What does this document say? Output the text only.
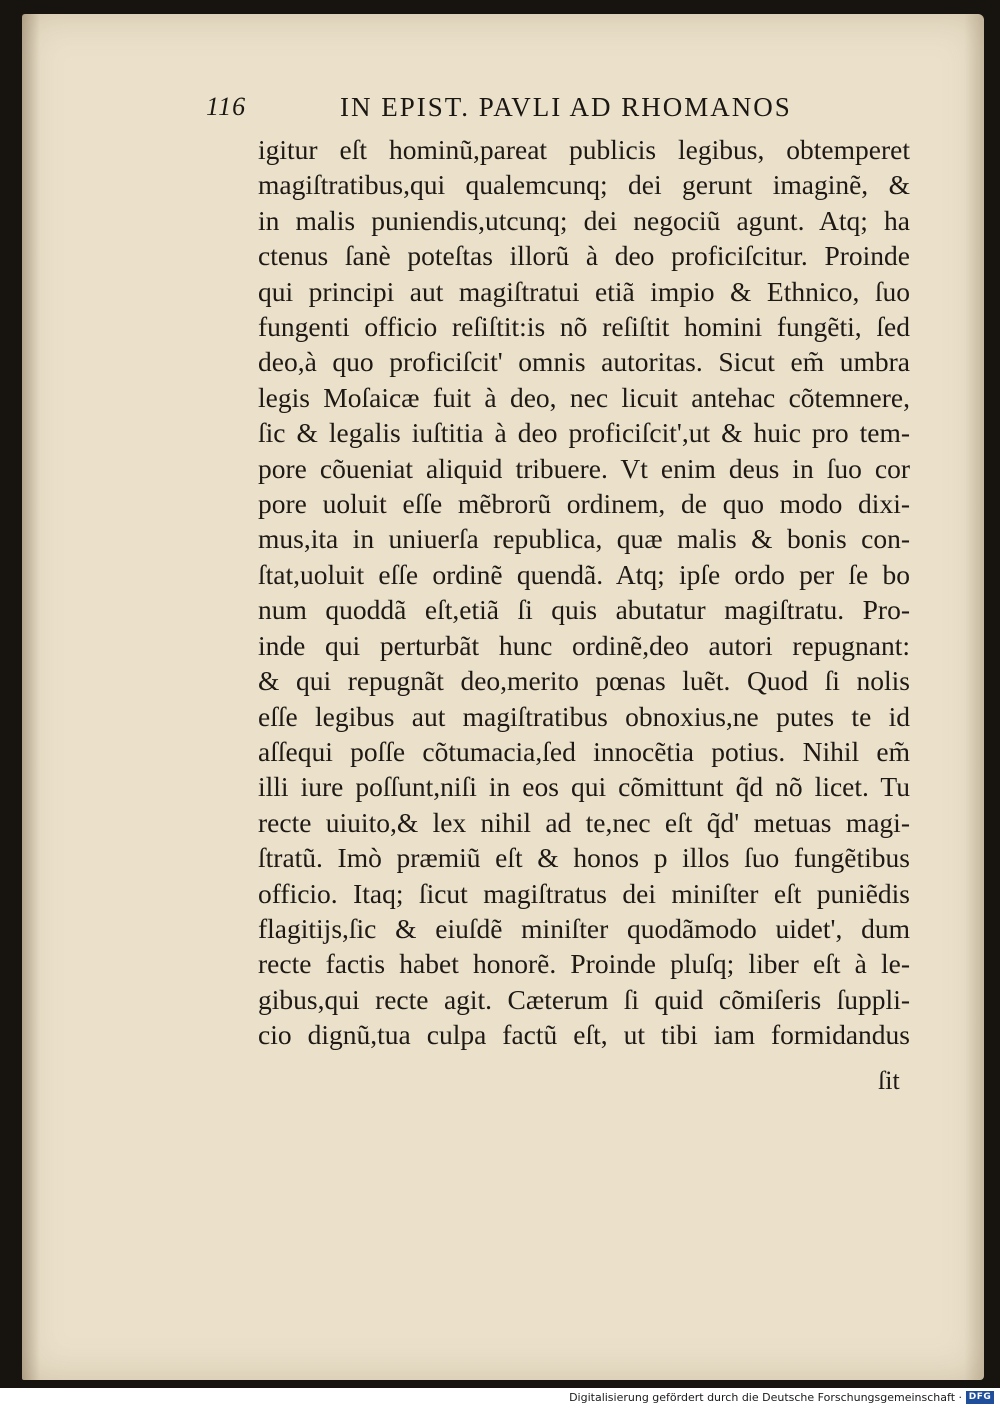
116	IN EPIST. PAVLI AD RHOMANOS
igitur eſt hominũ,pareat publicis legibus, obtemperet
magiſtratibus,qui qualemcunq; dei gerunt imaginẽ, &
in malis puniendis,utcunq; dei negociũ agunt. Atq; ha
ctenus ſanè poteſtas illorũ à deo proficiſcitur. Proinde
qui principi aut magiſtratui etiã impio & Ethnico, ſuo
fungenti officio reſiſtit:is nõ reſiſtit homini fungẽti, ſed
deo,à quo proficiſcit' omnis autoritas. Sicut em̃ umbra
legis Moſaicæ fuit à deo, nec licuit antehac cõtemnere,
ſic & legalis iuſtitia à deo proficiſcit',ut & huic pro tem-
pore cõueniat aliquid tribuere. Vt enim deus in ſuo cor
pore uoluit eſſe mẽbrorũ ordinem, de quo modo dixi-
mus,ita in uniuerſa republica, quæ malis & bonis con-
ſtat,uoluit eſſe ordinẽ quendã. Atq; ipſe ordo per ſe bo
num quoddã eſt,etiã ſi quis abutatur magiſtratu. Pro-
inde qui perturbãt hunc ordinẽ,deo autori repugnant:
& qui repugnãt deo,merito pœnas luẽt. Quod ſi nolis
eſſe legibus aut magiſtratibus obnoxius,ne putes te id
aſſequi poſſe cõtumacia,ſed innocẽtia potius. Nihil em̃
illi iure poſſunt,niſi in eos qui cõmittunt q̃d nõ licet. Tu
recte uiuito,& lex nihil ad te,nec eſt q̃d' metuas magi-
ſtratũ. Imò præmiũ eſt & honos p illos ſuo fungẽtibus
officio. Itaq; ſicut magiſtratus dei miniſter eſt puniẽdis
flagitijs,ſic & eiuſdẽ miniſter quodãmodo uidet', dum
recte factis habet honorẽ. Proinde pluſq; liber eſt à le-
gibus,qui recte agit. Cæterum ſi quid cõmiſeris ſuppli-
cio dignũ,tua culpa factũ eſt, ut tibi iam formidandus
ſit
Digitalisierung gefördert durch die Deutsche Forschungsgemeinschaft · DFG
